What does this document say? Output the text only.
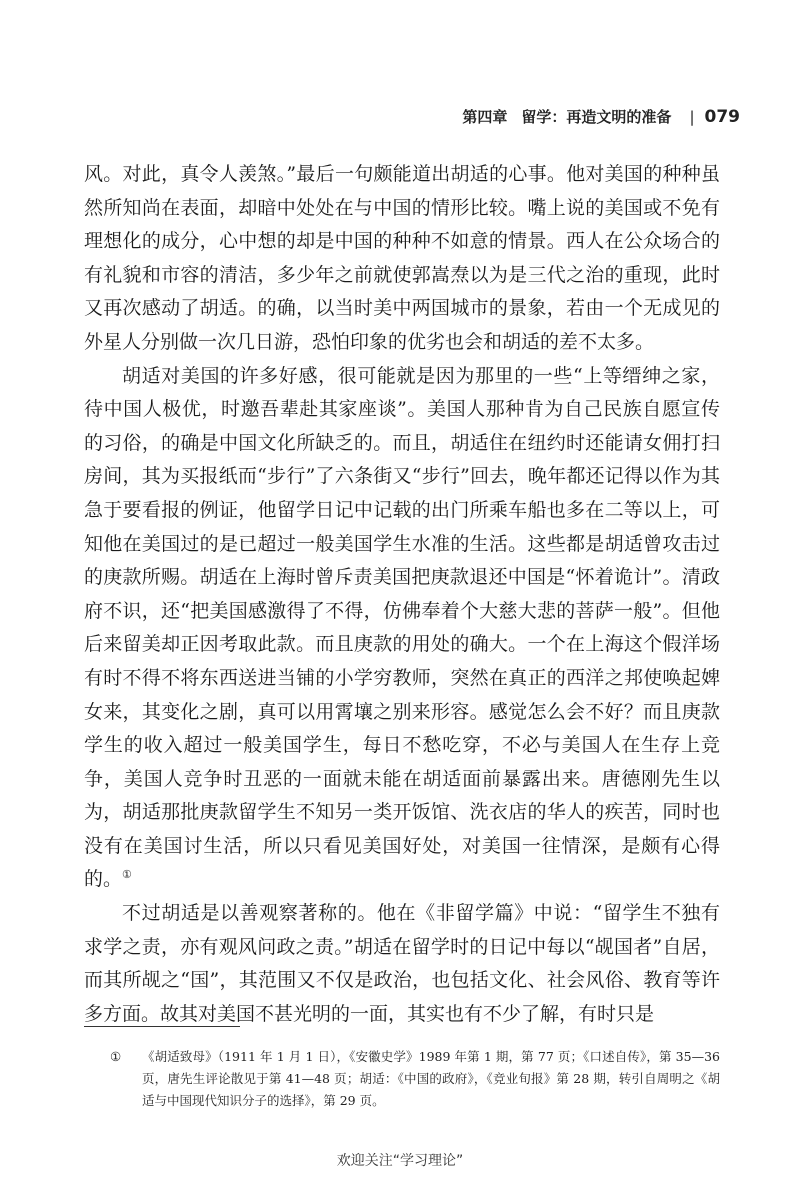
第四章 留学：再造文明的准备 | 079

风。对此，真令人羡煞。”最后一句颇能道出胡适的心事。他对美国的种种虽然所知尚在表面，却暗中处处在与中国的情形比较。嘴上说的美国或不免有理想化的成分，心中想的却是中国的种种不如意的情景。西人在公众场合的有礼貌和市容的清洁，多少年之前就使郭嵩焘以为是三代之治的重现，此时又再次感动了胡适。的确，以当时美中两国城市的景象，若由一个无成见的外星人分别做一次几日游，恐怕印象的优劣也会和胡适的差不太多。

胡适对美国的许多好感，很可能就是因为那里的一些“上等缙绅之家，待中国人极优，时邀吾辈赴其家座谈”。美国人那种肯为自己民族自愿宣传的习俗，的确是中国文化所缺乏的。而且，胡适住在纽约时还能请女佣打扫房间，其为买报纸而“步行”了六条街又“步行”回去，晚年都还记得以作为其急于要看报的例证，他留学日记中记载的出门所乘车船也多在二等以上，可知他在美国过的是已超过一般美国学生水准的生活。这些都是胡适曾攻击过的庚款所赐。胡适在上海时曾斥责美国把庚款退还中国是“怀着诡计”。清政府不识，还“把美国感激得了不得，仿佛奉着个大慈大悲的菩萨一般”。但他后来留美却正因考取此款。而且庚款的用处的确大。一个在上海这个假洋场有时不得不将东西送进当铺的小学穷教师，突然在真正的西洋之邦使唤起婢女来，其变化之剧，真可以用霄壤之别来形容。感觉怎么会不好？而且庚款学生的收入超过一般美国学生，每日不愁吃穿，不必与美国人在生存上竞争，美国人竞争时丑恶的一面就未能在胡适面前暴露出来。唐德刚先生以为，胡适那批庚款留学生不知另一类开饭馆、洗衣店的华人的疾苦，同时也没有在美国讨生活，所以只看见美国好处，对美国一往情深，是颇有心得的。①

不过胡适是以善观察著称的。他在《非留学篇》中说：“留学生不独有求学之责，亦有观风问政之责。”胡适在留学时的日记中每以“觇国者”自居，而其所觇之“国”，其范围又不仅是政治，也包括文化、社会风俗、教育等许多方面。故其对美国不甚光明的一面，其实也有不少了解，有时只是

①	《胡适致母》（1911 年 1 月 1 日），《安徽史学》1989 年第 1 期，第 77 页；《口述自传》，第 35—36 页，唐先生评论散见于第 41—48 页；胡适：《中国的政府》，《竞业旬报》第 28 期，转引自周明之《胡适与中国现代知识分子的选择》，第 29 页。
欢迎关注“学习理论”
